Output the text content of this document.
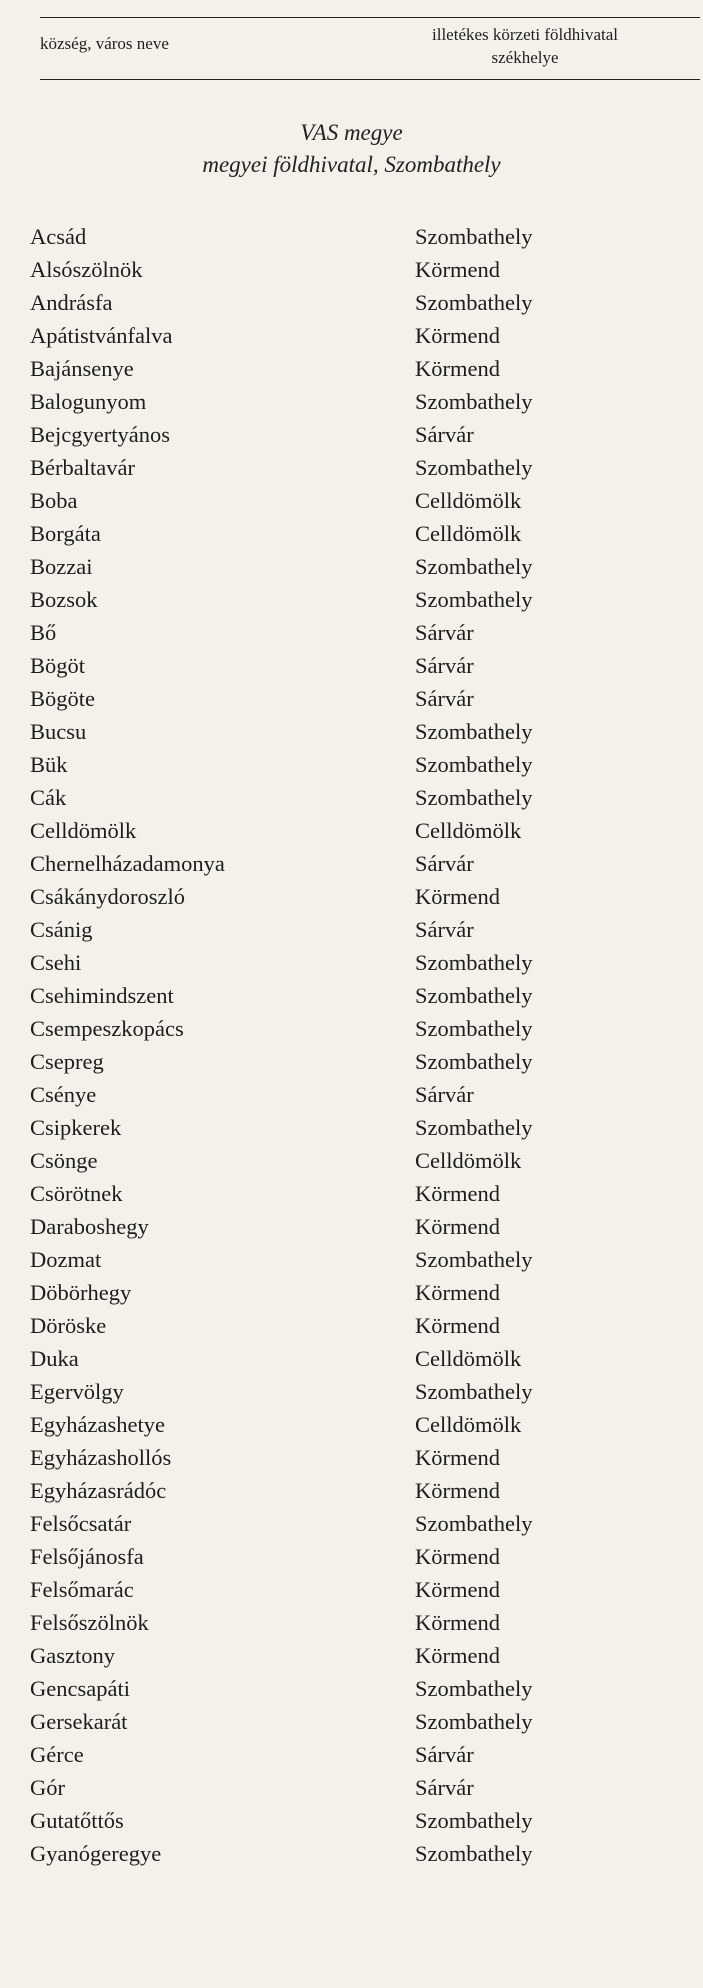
község, város neve	illetékes körzeti földhivatal
székhelye
VAS megye
megyei földhivatal, Szombathely
Acsád	Szombathely
Alsószölnök	Körmend
Andrásfa	Szombathely
Apátistvánfalva	Körmend
Bajánsenye	Körmend
Balogunyom	Szombathely
Bejcgyertyános	Sárvár
Bérbaltavár	Szombathely
Boba	Celldömölk
Borgáta	Celldömölk
Bozzai	Szombathely
Bozsok	Szombathely
Bő	Sárvár
Bögöt	Sárvár
Bögöte	Sárvár
Bucsu	Szombathely
Bük	Szombathely
Cák	Szombathely
Celldömölk	Celldömölk
Chernelházadamonya	Sárvár
Csákánydoroszló	Körmend
Csánig	Sárvár
Csehi	Szombathely
Csehimindszent	Szombathely
Csempeszkopács	Szombathely
Csepreg	Szombathely
Csénye	Sárvár
Csipkerek	Szombathely
Csönge	Celldömölk
Csörötnek	Körmend
Daraboshegy	Körmend
Dozmat	Szombathely
Döbörhegy	Körmend
Döröske	Körmend
Duka	Celldömölk
Egervölgy	Szombathely
Egyházashetye	Celldömölk
Egyházashollós	Körmend
Egyházasrádóc	Körmend
Felsőcsatár	Szombathely
Felsőjánosfa	Körmend
Felsőmarác	Körmend
Felsőszölnök	Körmend
Gasztony	Körmend
Gencsapáti	Szombathely
Gersekarát	Szombathely
Gérce	Sárvár
Gór	Sárvár
Gutatőttős	Szombathely
Gyanógeregye	Szombathely
